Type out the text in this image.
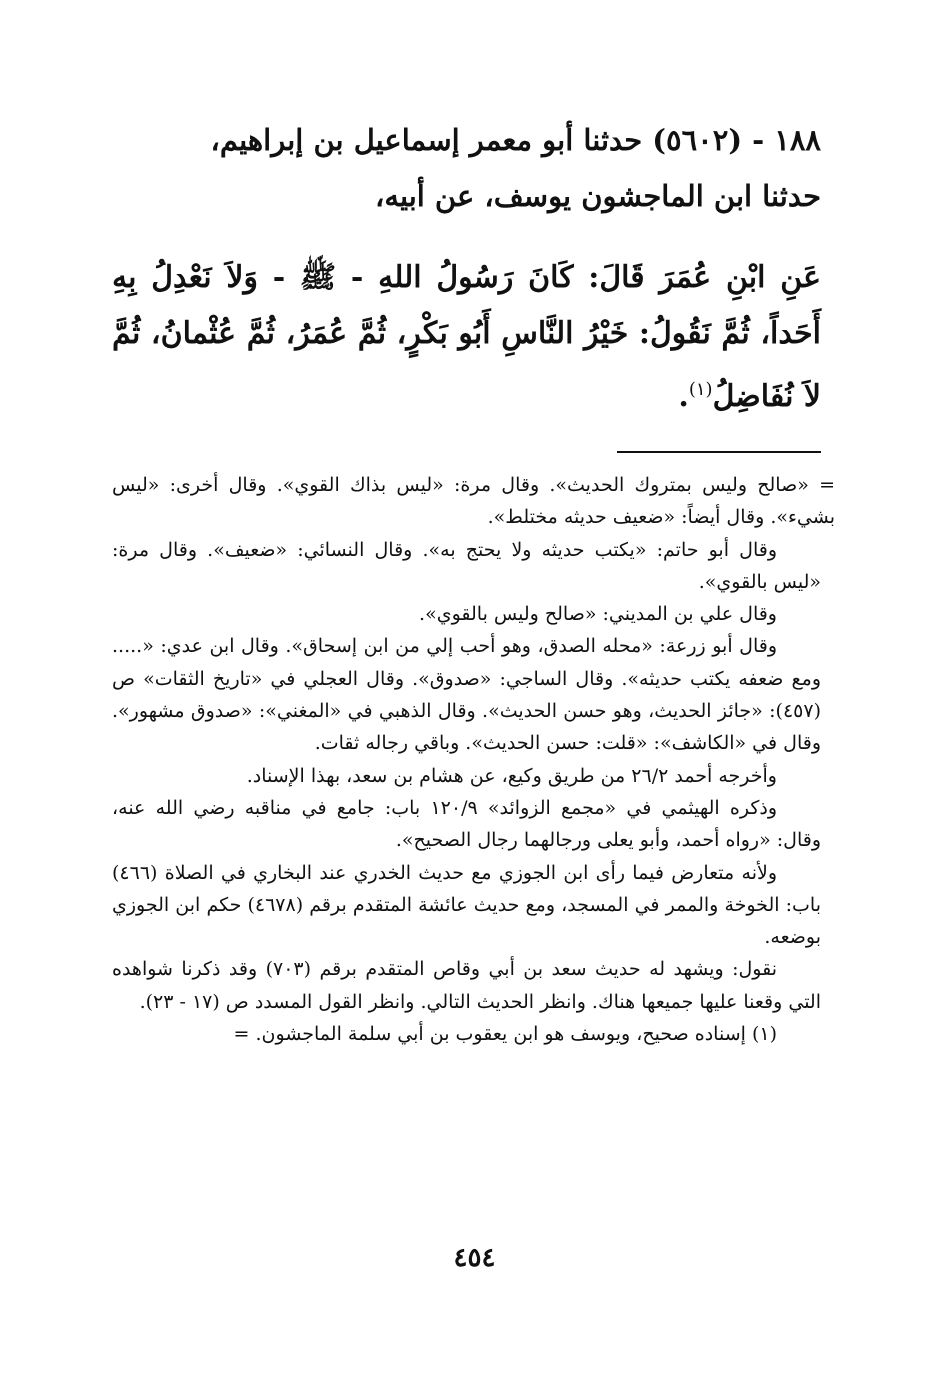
١٨٨ - (٥٦٠٢) حدثنا أبو معمر إسماعيل بن إبراهيم،

حدثنا ابن الماجشون يوسف، عن أبيه،

عَنِ ابْنِ عُمَرَ قَالَ: كَانَ رَسُولُ اللهِ - ﷺ - وَلاَ نَعْدِلُ بِهِ أَحَداً، ثُمَّ نَقُولُ: خَيْرُ النَّاسِ أَبُو بَكْرٍ، ثُمَّ عُمَرُ، ثُمَّ عُثْمانُ، ثُمَّ لاَ نُفَاضِلُ$^{(١)}$.

= «صالح وليس بمتروك الحديث». وقال مرة: «ليس بذاك القوي». وقال أخرى: «ليس بشيء». وقال أيضاً: «ضعيف حديثه مختلط».

وقال أبو حاتم: «يكتب حديثه ولا يحتج به». وقال النسائي: «ضعيف». وقال مرة: «ليس بالقوي».

وقال علي بن المديني: «صالح وليس بالقوي».

وقال أبو زرعة: «محله الصدق، وهو أحب إلي من ابن إسحاق». وقال ابن عدي: «..... ومع ضعفه يكتب حديثه». وقال الساجي: «صدوق». وقال العجلي في «تاريخ الثقات» ص (٤٥٧): «جائز الحديث، وهو حسن الحديث». وقال الذهبي في «المغني»: «صدوق مشهور». وقال في «الكاشف»: «قلت: حسن الحديث». وباقي رجاله ثقات.

وأخرجه أحمد ٢٦/٢ من طريق وكيع، عن هشام بن سعد، بهذا الإسناد.

وذكره الهيثمي في «مجمع الزوائد» ١٢٠/٩ باب: جامع في مناقبه رضي الله عنه، وقال: «رواه أحمد، وأبو يعلى ورجالهما رجال الصحيح».

ولأنه متعارض فيما رأى ابن الجوزي مع حديث الخدري عند البخاري في الصلاة (٤٦٦) باب: الخوخة والممر في المسجد، ومع حديث عائشة المتقدم برقم (٤٦٧٨) حكم ابن الجوزي بوضعه.

نقول: ويشهد له حديث سعد بن أبي وقاص المتقدم برقم (٧٠٣) وقد ذكرنا شواهده التي وقعنا عليها جميعها هناك. وانظر الحديث التالي. وانظر القول المسدد ص (١٧ - ٢٣).

(١) إسناده صحيح، ويوسف هو ابن يعقوب بن أبي سلمة الماجشون. =

٤٥٤
